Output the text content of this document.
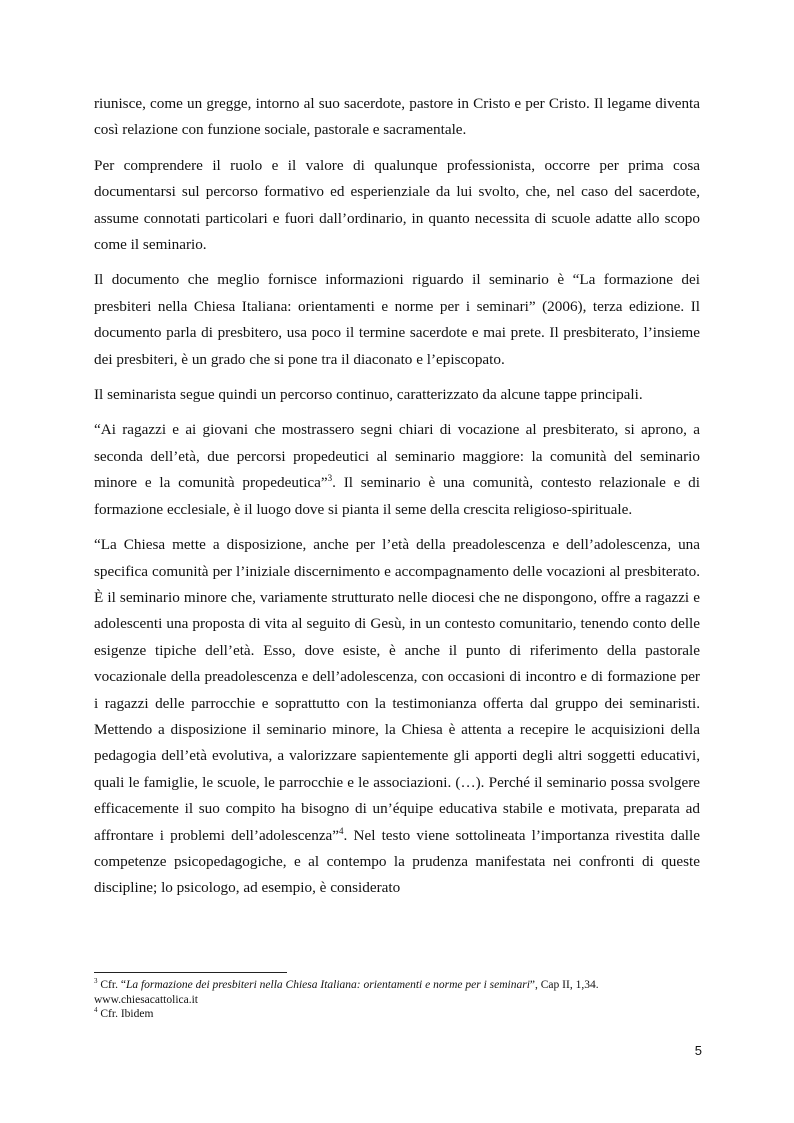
riunisce, come un gregge, intorno al suo sacerdote, pastore in Cristo e per Cristo. Il legame diventa così relazione con funzione sociale, pastorale e sacramentale.

Per comprendere il ruolo e il valore di qualunque professionista, occorre per prima cosa documentarsi sul percorso formativo ed esperienziale da lui svolto, che, nel caso del sacerdote, assume connotati particolari e fuori dall’ordinario, in quanto necessita di scuole adatte allo scopo come il seminario.

Il documento che meglio fornisce informazioni riguardo il seminario è “La formazione dei presbiteri nella Chiesa Italiana: orientamenti e norme per i seminari” (2006), terza edizione. Il documento parla di presbitero, usa poco il termine sacerdote e mai prete. Il presbiterato, l’insieme dei presbiteri, è un grado che si pone tra il diaconato e l’episcopato.

Il seminarista segue quindi un percorso continuo, caratterizzato da alcune tappe principali.

“Ai ragazzi e ai giovani che mostrassero segni chiari di vocazione al presbiterato, si aprono, a seconda dell’età, due percorsi propedeutici al seminario maggiore: la comunità del seminario minore e la comunità propedeutica”$^3$. Il seminario è una comunità, contesto relazionale e di formazione ecclesiale, è il luogo dove si pianta il seme della crescita religioso-spirituale.

“La Chiesa mette a disposizione, anche per l’età della preadolescenza e dell’adolescenza, una specifica comunità per l’iniziale discernimento e accompagnamento delle vocazioni al presbiterato. È il seminario minore che, variamente strutturato nelle diocesi che ne dispongono, offre a ragazzi e adolescenti una proposta di vita al seguito di Gesù, in un contesto comunitario, tenendo conto delle esigenze tipiche dell’età. Esso, dove esiste, è anche il punto di riferimento della pastorale vocazionale della preadolescenza e dell’adolescenza, con occasioni di incontro e di formazione per i ragazzi delle parrocchie e soprattutto con la testimonianza offerta dal gruppo dei seminaristi. Mettendo a disposizione il seminario minore, la Chiesa è attenta a recepire le acquisizioni della pedagogia dell’età evolutiva, a valorizzare sapientemente gli apporti degli altri soggetti educativi, quali le famiglie, le scuole, le parrocchie e le associazioni. (…). Perché il seminario possa svolgere efficacemente il suo compito ha bisogno di un’équipe educativa stabile e motivata, preparata ad affrontare i problemi dell’adolescenza”$^4$. Nel testo viene sottolineata l’importanza rivestita dalle competenze psicopedagogiche, e al contempo la prudenza manifestata nei confronti di queste discipline; lo psicologo, ad esempio, è considerato

$^3$ Cfr. “La formazione dei presbiteri nella Chiesa Italiana: orientamenti e norme per i seminari”, Cap II, 1,34.

www.chiesacattolica.it

$^4$ Cfr. Ibidem

5
